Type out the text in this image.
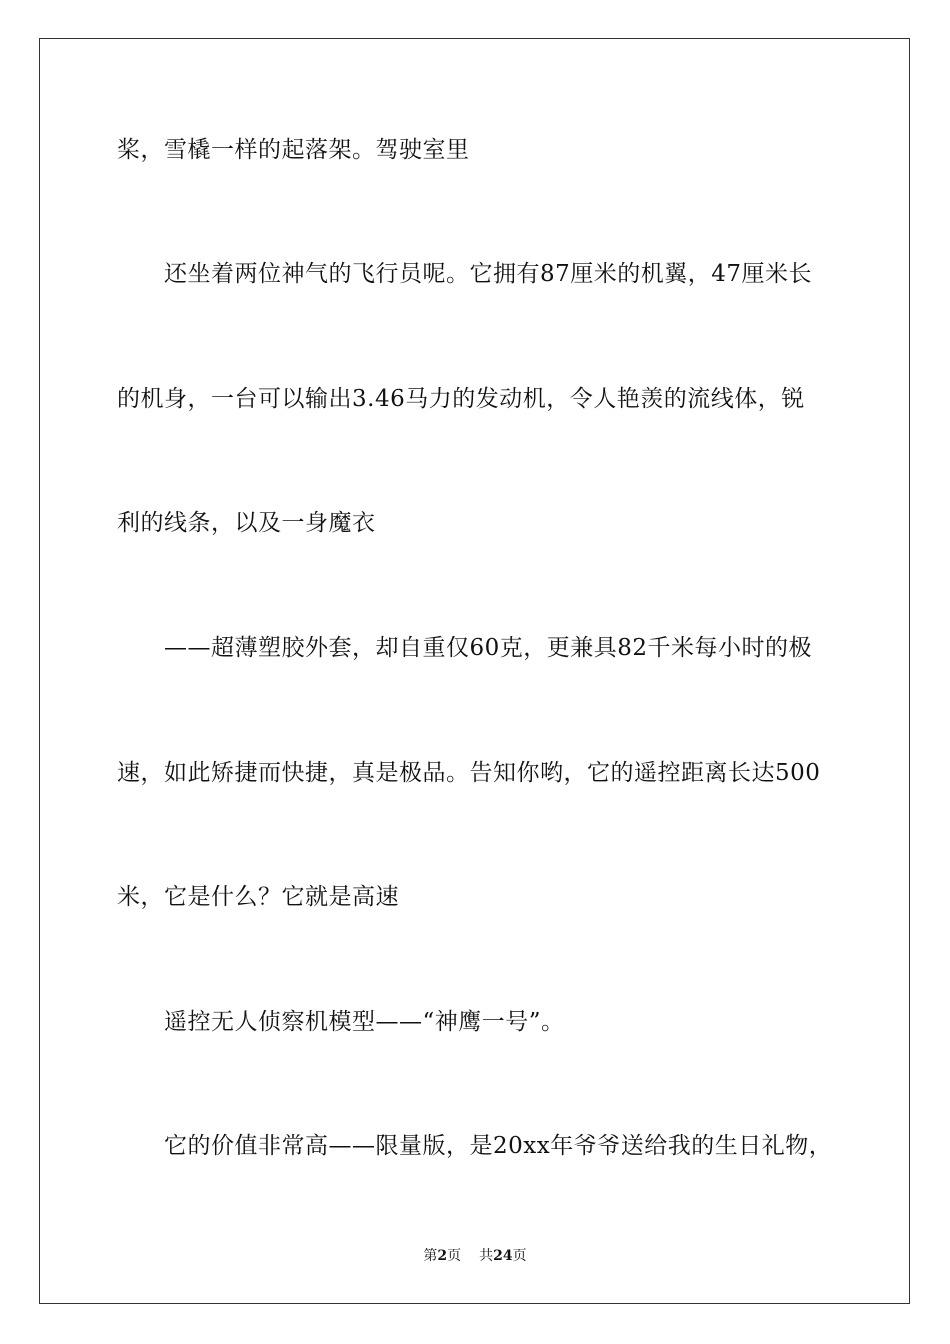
桨，雪橇一样的起落架。驾驶室里
还坐着两位神气的飞行员呢。它拥有87厘米的机翼，47厘米长
的机身，一台可以输出3.46马力的发动机，令人艳羡的流线体，锐
利的线条，以及一身魔衣
——超薄塑胶外套，却自重仅60克，更兼具82千米每小时的极
速，如此矫捷而快捷，真是极品。告知你哟，它的遥控距离长达500
米，它是什么？它就是高速
遥控无人侦察机模型——“神鹰一号”。
它的价值非常高——限量版，是20xx年爷爷送给我的生日礼物，
第2页 共24页
